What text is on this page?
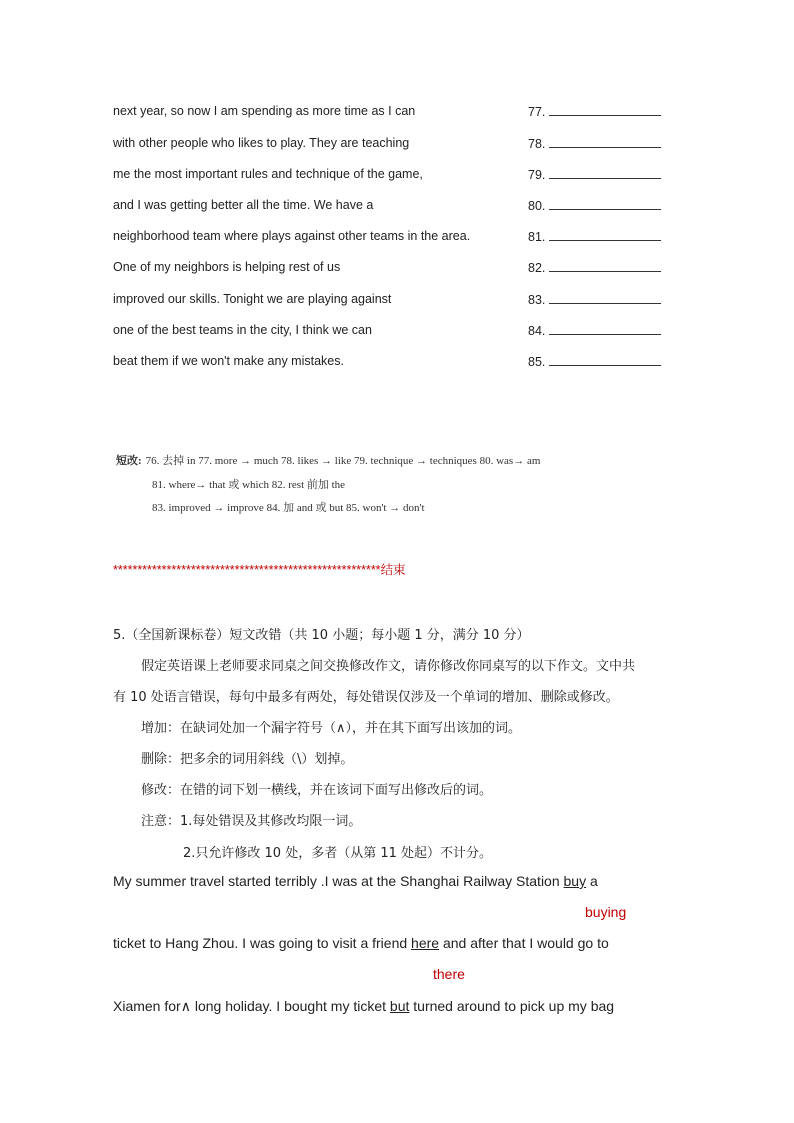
next year, so now I am spending as more time as I can	77.
with other people who likes to play. They are teaching	78.
me the most important rules and technique of the game,	79.
and I was getting better all the time. We have a	80.
neighborhood team where plays against other teams in the area.	81.
One of my neighbors is helping rest of us	82.
improved our skills. Tonight we are playing against	83.
one of the best teams in the city, I think we can	84.
beat them if we won't make any mistakes.	85.
短改: 76. 去掉 in 77. more → much 78. likes → like 79. technique → techniques 80. was→ am
81. where→ that 或 which 82. rest 前加 the
83. improved → improve 84. 加 and 或 but 85. won't → don't
*******************************************************结束
5.（全国新课标卷）短文改错（共 10 小题；每小题 1 分，满分 10 分）
假定英语课上老师要求同桌之间交换修改作文，请你修改你同桌写的以下作文。文中共
有 10 处语言错误，每句中最多有两处，每处错误仅涉及一个单词的增加、删除或修改。
增加：在缺词处加一个漏字符号（∧），并在其下面写出该加的词。
删除：把多余的词用斜线（\）划掉。
修改：在错的词下划一横线，并在该词下面写出修改后的词。
注意：1.每处错误及其修改均限一词。
2.只允许修改 10 处，多者（从第 11 处起）不计分。
My summer travel started terribly .I was at the Shanghai Railway Station buy a
buying
ticket to Hang Zhou. I was going to visit a friend here and after that I would go to
there
Xiamen for∧ long holiday. I bought my ticket but turned around to pick up my bag
